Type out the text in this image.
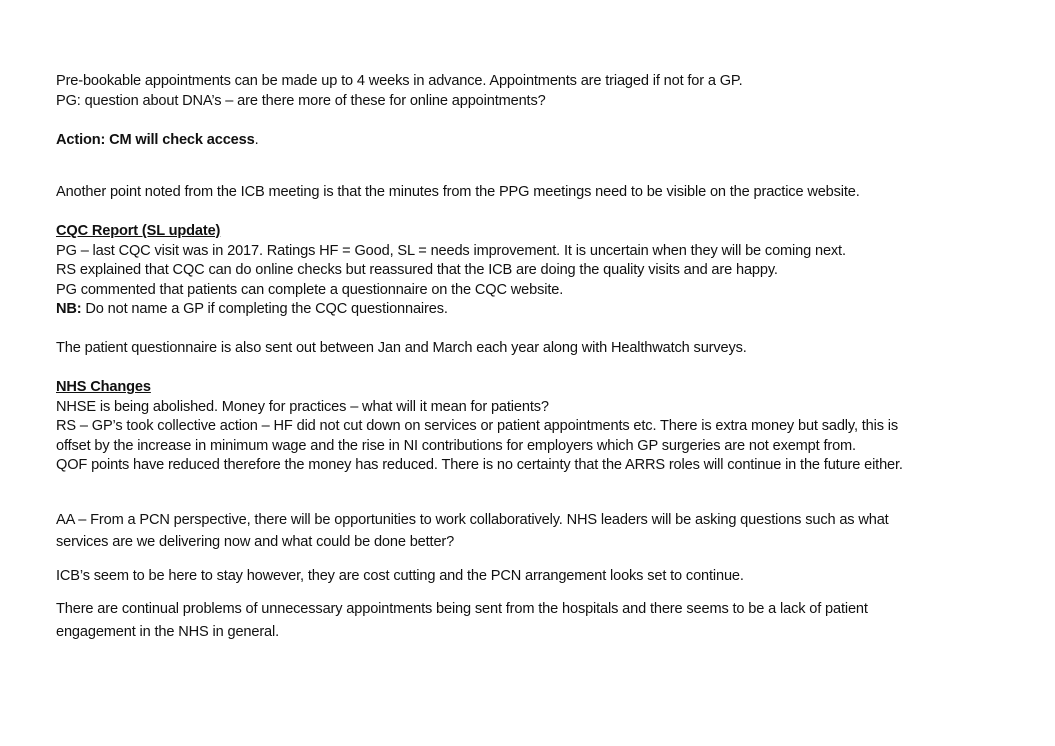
Pre-bookable appointments can be made up to 4 weeks in advance. Appointments are triaged if not for a GP.
PG: question about DNA’s – are there more of these for online appointments?
Action: CM will check access.
Another point noted from the ICB meeting is that the minutes from the PPG meetings need to be visible on the practice website.
CQC Report (SL update)
PG – last CQC visit was in 2017. Ratings HF = Good, SL = needs improvement. It is uncertain when they will be coming next.
RS explained that CQC can do online checks but reassured that the ICB are doing the quality visits and are happy.
PG commented that patients can complete a questionnaire on the CQC website.
NB: Do not name a GP if completing the CQC questionnaires.
The patient questionnaire is also sent out between Jan and March each year along with Healthwatch surveys.
NHS Changes
NHSE is being abolished. Money for practices – what will it mean for patients?
RS – GP’s took collective action – HF did not cut down on services or patient appointments etc. There is extra money but sadly, this is
offset by the increase in minimum wage and the rise in NI contributions for employers which GP surgeries are not exempt from.
QOF points have reduced therefore the money has reduced. There is no certainty that the ARRS roles will continue in the future either.
AA – From a PCN perspective, there will be opportunities to work collaboratively. NHS leaders will be asking questions such as what
services are we delivering now and what could be done better?
ICB’s seem to be here to stay however, they are cost cutting and the PCN arrangement looks set to continue.
There are continual problems of unnecessary appointments being sent from the hospitals and there seems to be a lack of patient
engagement in the NHS in general.
